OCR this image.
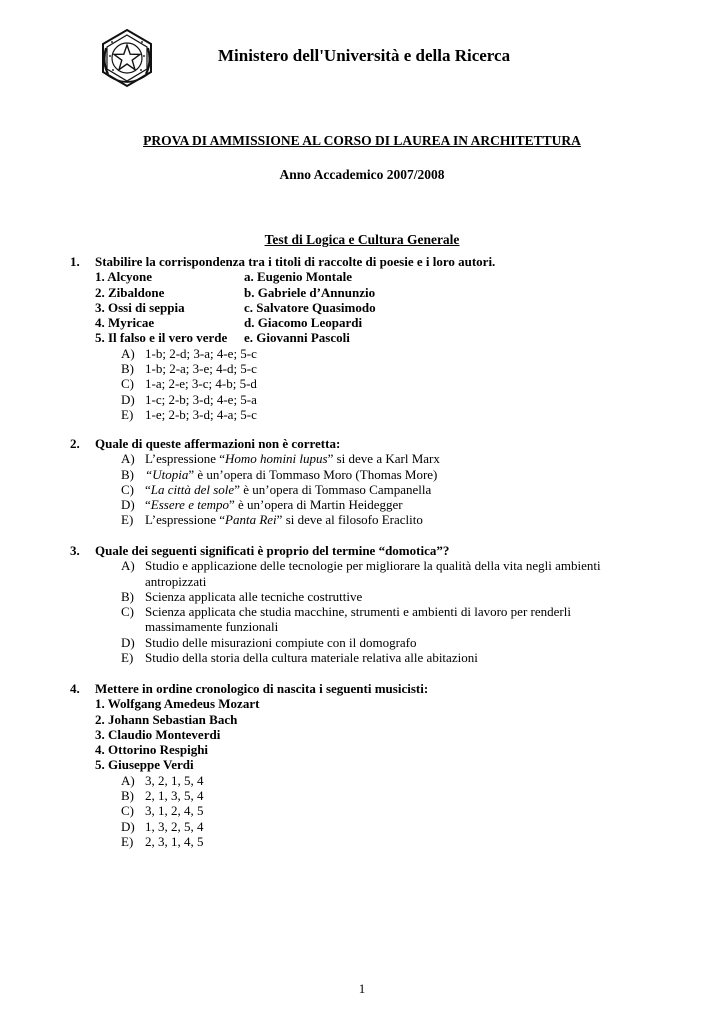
Ministero dell'Università e della Ricerca
PROVA DI AMMISSIONE AL CORSO DI LAUREA IN ARCHITETTURA
Anno Accademico 2007/2008
Test di Logica e Cultura Generale
1. Stabilire la corrispondenza tra i titoli di raccolte di poesie e i loro autori.
1. Alcyone	a. Eugenio Montale
2. Zibaldone	b. Gabriele d’Annunzio
3. Ossi di seppia	c. Salvatore Quasimodo
4. Myricae	d. Giacomo Leopardi
5. Il falso e il vero verde	e. Giovanni Pascoli
A) 1-b; 2-d; 3-a; 4-e; 5-c
B) 1-b; 2-a; 3-e; 4-d; 5-c
C) 1-a; 2-e; 3-c; 4-b; 5-d
D) 1-c; 2-b; 3-d; 4-e; 5-a
E) 1-e; 2-b; 3-d; 4-a; 5-c
2. Quale di queste affermazioni non è corretta:
A) L’espressione “Homo homini lupus” si deve a Karl Marx
B) “Utopia” è un’opera di Tommaso Moro (Thomas More)
C) “La città del sole” è un’opera di Tommaso Campanella
D) “Essere e tempo” è un’opera di Martin Heidegger
E) L’espressione “Panta Rei” si deve al filosofo Eraclito
3. Quale dei seguenti significati è proprio del termine “domotica”?
A) Studio e applicazione delle tecnologie per migliorare la qualità della vita negli ambienti antropizzati
B) Scienza applicata alle tecniche costruttive
C) Scienza applicata che studia macchine, strumenti e ambienti di lavoro per renderli massimamente funzionali
D) Studio delle misurazioni compiute con il domografo
E) Studio della storia della cultura materiale relativa alle abitazioni
4. Mettere in ordine cronologico di nascita i seguenti musicisti:
1. Wolfgang Amedeus Mozart
2. Johann Sebastian Bach
3. Claudio Monteverdi
4. Ottorino Respighi
5. Giuseppe Verdi
A) 3, 2, 1, 5, 4
B) 2, 1, 3, 5, 4
C) 3, 1, 2, 4, 5
D) 1, 3, 2, 5, 4
E) 2, 3, 1, 4, 5
1
